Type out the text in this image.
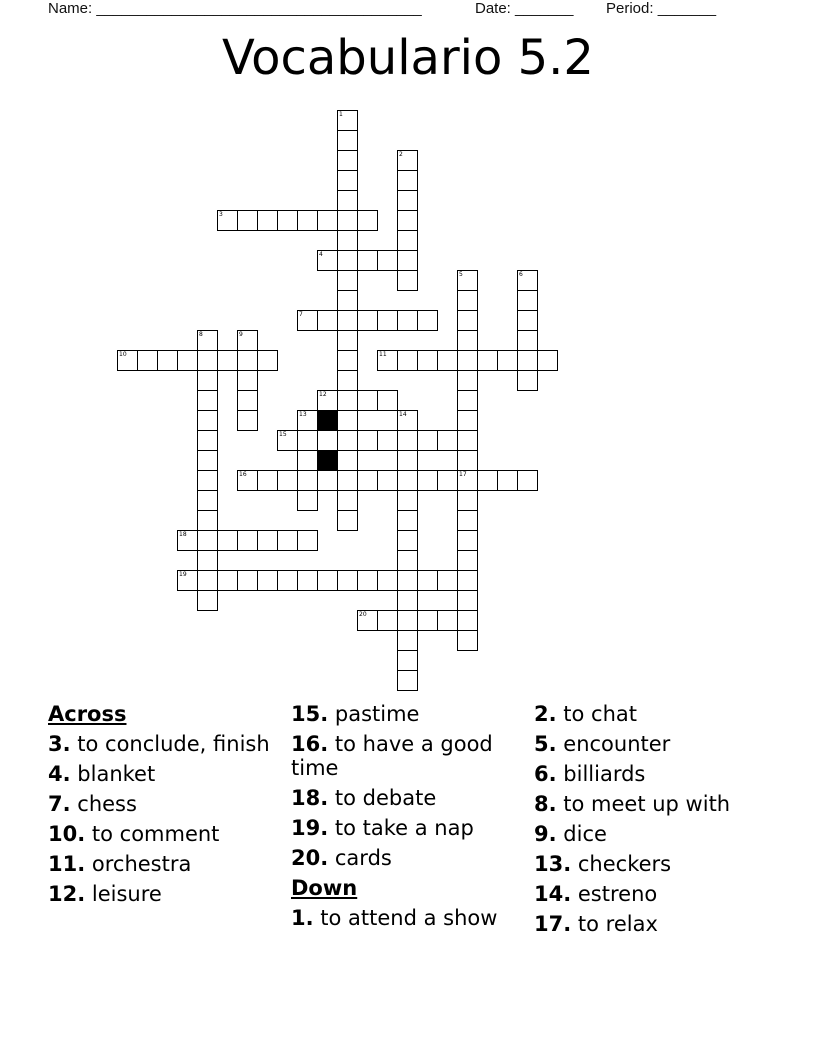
Name: _______________________________________	Date: _______ Period: _______
Vocabulario 5.2
1
2
3
4
5
17
6
7
8	9
10	11
12
13	14
15
16
18
19
20
Across
3. to conclude, finish
4. blanket
7. chess
10. to comment
11. orchestra
12. leisure
15. pastime
16. to have a good time
18. to debate
19. to take a nap
20. cards
Down
1. to attend a show
2. to chat
5. encounter
6. billiards
8. to meet up with
9. dice
13. checkers
14. estreno
17. to relax
